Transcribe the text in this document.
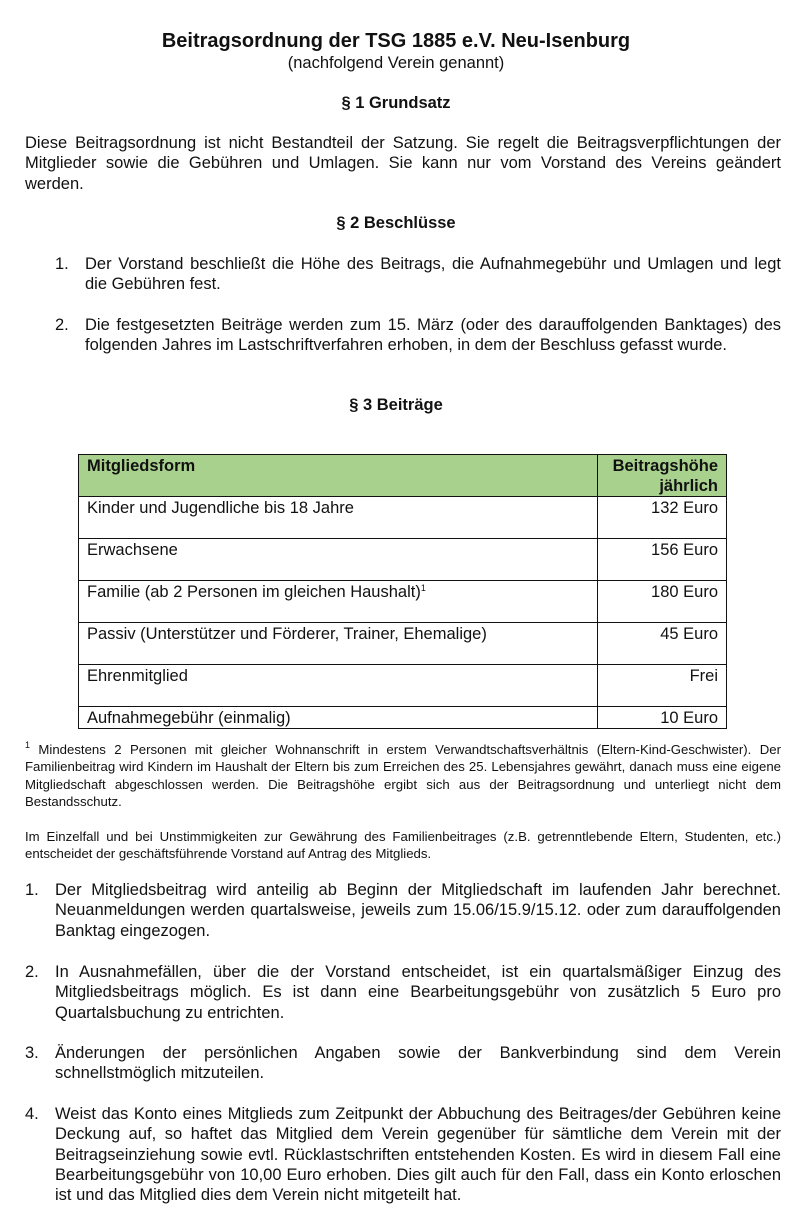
Beitragsordnung der TSG 1885 e.V. Neu-Isenburg
(nachfolgend Verein genannt)
§ 1 Grundsatz
Diese Beitragsordnung ist nicht Bestandteil der Satzung. Sie regelt die Beitragsverpflichtungen der Mitglieder sowie die Gebühren und Umlagen. Sie kann nur vom Vorstand des Vereins geändert werden.
§ 2 Beschlüsse
1. Der Vorstand beschließt die Höhe des Beitrags, die Aufnahmegebühr und Umlagen und legt die Gebühren fest.
2. Die festgesetzten Beiträge werden zum 15. März (oder des darauffolgenden Banktages) des folgenden Jahres im Lastschriftverfahren erhoben, in dem der Beschluss gefasst wurde.
§ 3 Beiträge
Mitgliedsform	Beitragshöhe jährlich
Kinder und Jugendliche bis 18 Jahre	132 Euro
Erwachsene	156 Euro
Familie (ab 2 Personen im gleichen Haushalt)$^1$	180 Euro
Passiv (Unterstützer und Förderer, Trainer, Ehemalige)	45 Euro
Ehrenmitglied	Frei
Aufnahmegebühr (einmalig)	10 Euro
$^1$ Mindestens 2 Personen mit gleicher Wohnanschrift in erstem Verwandtschaftsverhältnis (Eltern-Kind-Geschwister). Der Familienbeitrag wird Kindern im Haushalt der Eltern bis zum Erreichen des 25. Lebensjahres gewährt, danach muss eine eigene Mitgliedschaft abgeschlossen werden. Die Beitragshöhe ergibt sich aus der Beitragsordnung und unterliegt nicht dem Bestandsschutz.
Im Einzelfall und bei Unstimmigkeiten zur Gewährung des Familienbeitrages (z.B. getrenntlebende Eltern, Studenten, etc.) entscheidet der geschäftsführende Vorstand auf Antrag des Mitglieds.
1. Der Mitgliedsbeitrag wird anteilig ab Beginn der Mitgliedschaft im laufenden Jahr berechnet. Neuanmeldungen werden quartalsweise, jeweils zum 15.06/15.9/15.12. oder zum darauffolgenden Banktag eingezogen.
2. In Ausnahmefällen, über die der Vorstand entscheidet, ist ein quartalsmäßiger Einzug des Mitgliedsbeitrags möglich. Es ist dann eine Bearbeitungsgebühr von zusätzlich 5 Euro pro Quartalsbuchung zu entrichten.
3. Änderungen der persönlichen Angaben sowie der Bankverbindung sind dem Verein schnellstmöglich mitzuteilen.
4. Weist das Konto eines Mitglieds zum Zeitpunkt der Abbuchung des Beitrages/der Gebühren keine Deckung auf, so haftet das Mitglied dem Verein gegenüber für sämtliche dem Verein mit der Beitragseinziehung sowie evtl. Rücklastschriften entstehenden Kosten. Es wird in diesem Fall eine Bearbeitungsgebühr von 10,00 Euro erhoben. Dies gilt auch für den Fall, dass ein Konto erloschen ist und das Mitglied dies dem Verein nicht mitgeteilt hat.
